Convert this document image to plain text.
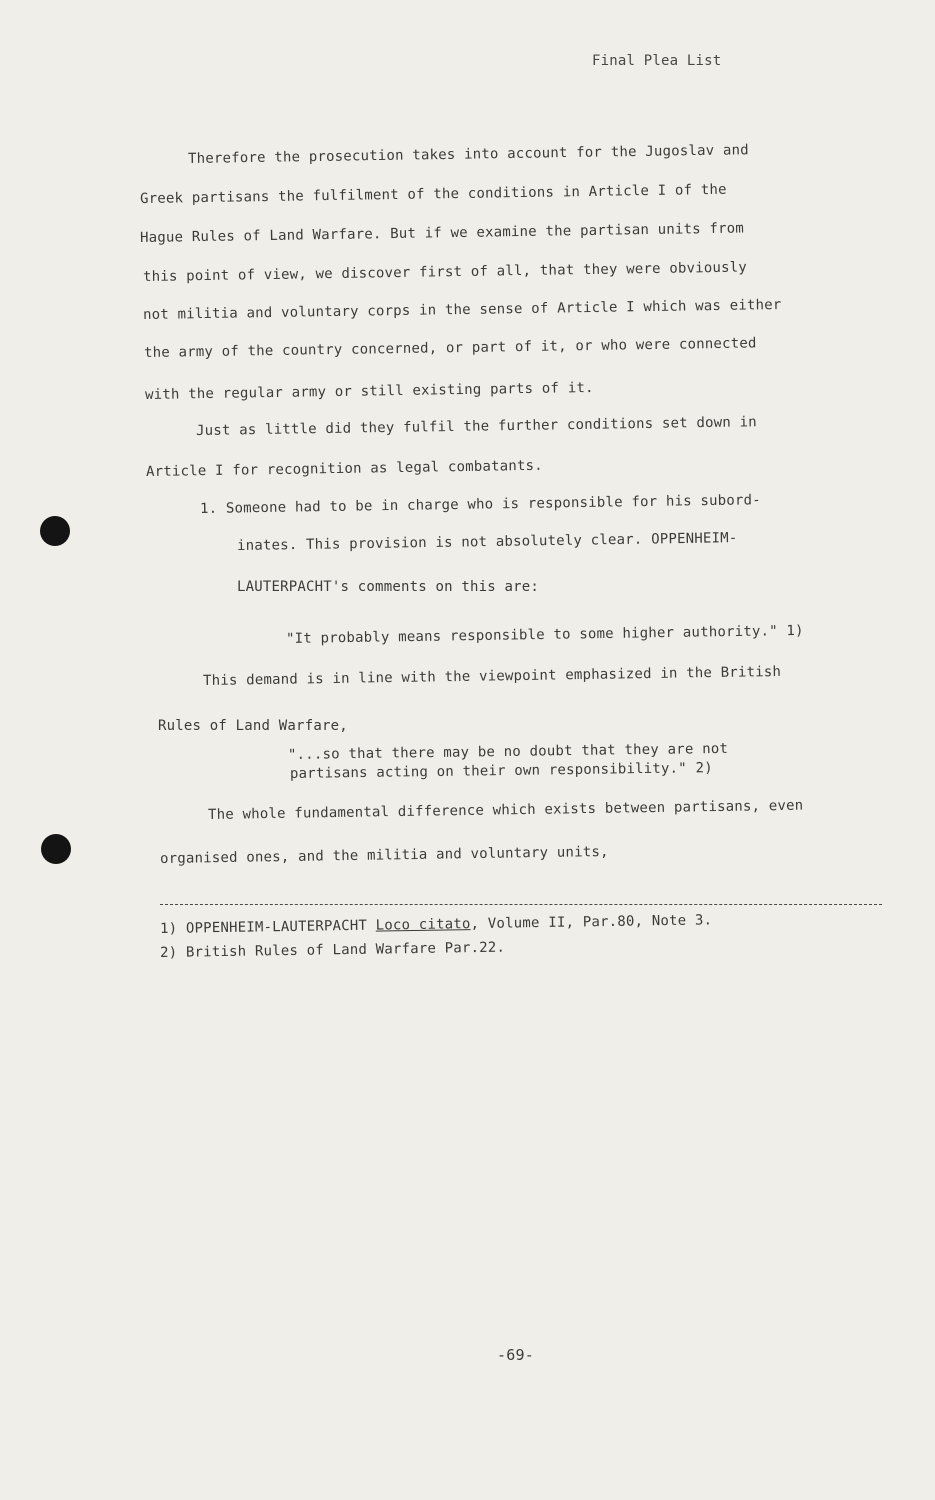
Final Plea List
Therefore the prosecution takes into account for the Jugoslav and
Greek partisans the fulfilment of the conditions in Article I of the
Hague Rules of Land Warfare. But if we examine the partisan units from
this point of view, we discover first of all, that they were obviously
not militia and voluntary corps in the sense of Article I which was either
the army of the country concerned, or part of it, or who were connected
with the regular army or still existing parts of it.
Just as little did they fulfil the further conditions set down in
Article I for recognition as legal combatants.
1. Someone had to be in charge who is responsible for his subord-
inates. This provision is not absolutely clear. OPPENHEIM-
LAUTERPACHT's comments on this are:
"It probably means responsible to some higher authority." 1)
This demand is in line with the viewpoint emphasized in the British
Rules of Land Warfare,
"...so that there may be no doubt that they are not
partisans acting on their own responsibility." 2)
The whole fundamental difference which exists between partisans, even
organised ones, and the militia and voluntary units,
1) OPPENHEIM-LAUTERPACHT Loco citato, Volume II, Par.80, Note 3.
2) British Rules of Land Warfare Par.22.
-69-
